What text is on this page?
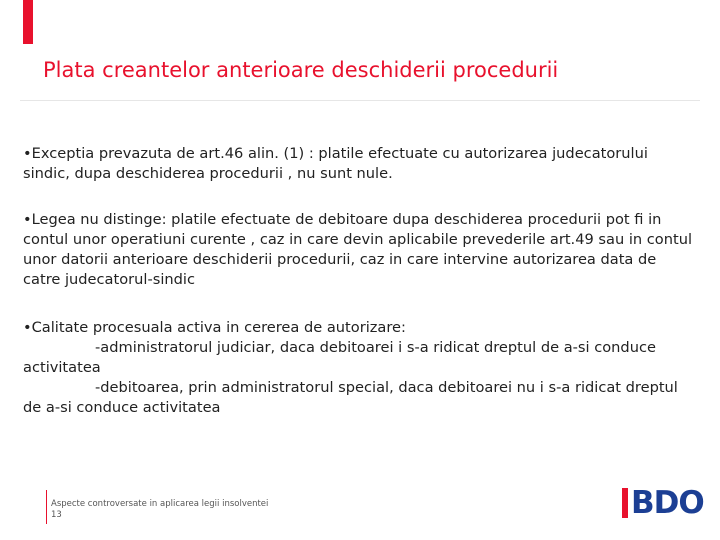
Plata creantelor anterioare deschiderii procedurii
•Exceptia prevazuta de art.46 alin. (1) : platile efectuate cu autorizarea judecatorului sindic, dupa deschiderea procedurii , nu sunt nule.
•Legea nu distinge: platile efectuate de debitoare dupa deschiderea procedurii pot fi in contul unor operatiuni curente , caz in care devin aplicabile prevederile art.49 sau in contul unor datorii anterioare deschiderii procedurii, caz in care intervine autorizarea data de catre judecatorul-sindic
•Calitate procesuala activa in cererea de autorizare:
-administratorul judiciar, daca debitoarei i s-a ridicat dreptul de a-si conduce activitatea
-debitoarea, prin administratorul special, daca debitoarei nu i s-a ridicat dreptul de a-si conduce activitatea
Aspecte controversate in aplicarea legii insolventei
13	BDO
